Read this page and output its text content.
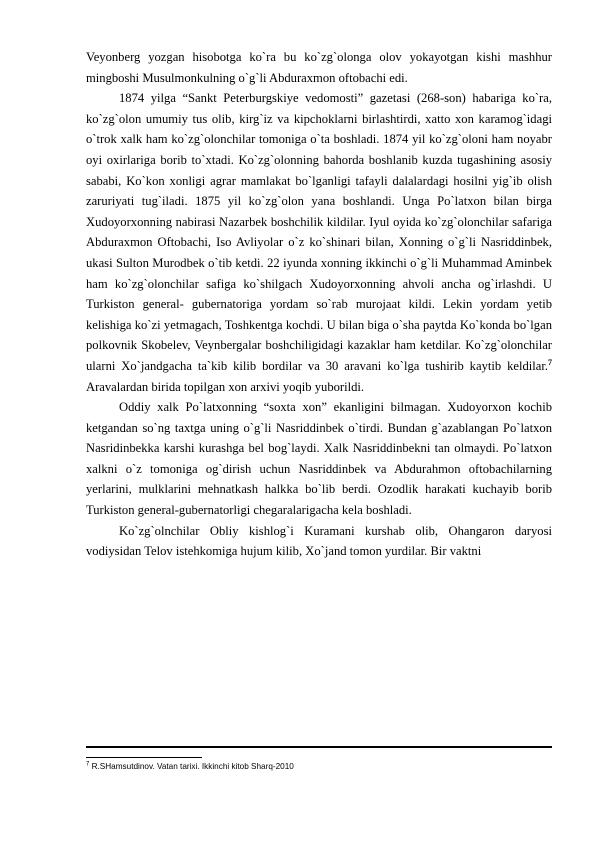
Veyonberg yozgan hisobotga ko`ra bu ko`zg`olonga olov yokayotgan kishi mashhur mingboshi Musulmonkulning o`g`li Abduraxmon oftobachi edi.

1874 yilga “Sankt Peterburgskiye vedomosti” gazetasi (268-son) habariga ko`ra, ko`zg`olon umumiy tus olib, kirg`iz va kipchoklarni birlashtirdi, xatto xon karamog`idagi o`trok xalk ham ko`zg`olonchilar tomoniga o`ta boshladi. 1874 yil ko`zg`oloni ham noyabr oyi oxirlariga borib to`xtadi. Ko`zg`olonning bahorda boshlanib kuzda tugashining asosiy sababi, Ko`kon xonligi agrar mamlakat bo`lganligi tafayli dalalardagi hosilni yig`ib olish zaruriyati tug`iladi. 1875 yil ko`zg`olon yana boshlandi. Unga Po`latxon bilan birga Xudoyorxonning nabirasi Nazarbek boshchilik kildilar. Iyul oyida ko`zg`olonchilar safariga Abduraxmon Oftobachi, Iso Avliyolar o`z ko`shinari bilan, Xonning o`g`li Nasriddinbek, ukasi Sulton Murodbek o`tib ketdi. 22 iyunda xonning ikkinchi o`g`li Muhammad Aminbek ham ko`zg`olonchilar safiga ko`shilgach Xudoyorxonning ahvoli ancha og`irlashdi. U Turkiston general- gubernatoriga yordam so`rab murojaat kildi. Lekin yordam yetib kelishiga ko`zi yetmagach, Toshkentga kochdi. U bilan biga o`sha paytda Ko`konda bo`lgan polkovnik Skobelev, Veynbergalar boshchiligidagi kazaklar ham ketdilar. Ko`zg`olonchilar ularni Xo`jandgacha ta`kib kilib bordilar va 30 aravani ko`lga tushirib kaytib keldilar.$^7$ Aravalardan birida topilgan xon arxivi yoqib yuborildi.

Oddiy xalk Po`latxonning “soxta xon” ekanligini bilmagan. Xudoyorxon kochib ketgandan so`ng taxtga uning o`g`li Nasriddinbek o`tirdi. Bundan g`azablangan Po`latxon Nasridinbekka karshi kurashga bel bog`laydi. Xalk Nasriddinbekni tan olmaydi. Po`latxon xalkni o`z tomoniga og`dirish uchun Nasriddinbek va Abdurahmon oftobachilarning yerlarini, mulklarini mehnatkash halkka bo`lib berdi. Ozodlik harakati kuchayib borib Turkiston general-gubernatorligi chegaralarigacha kela boshladi.

Ko`zg`olnchilar Obliy kishlog`i Kuramani kurshab olib, Ohangaron daryosi vodiysidan Telov istehkomiga hujum kilib, Xo`jand tomon yurdilar. Bir vaktni

$^7$ R.SHamsutdinov. Vatan tarixi. Ikkinchi kitob Sharq-2010
